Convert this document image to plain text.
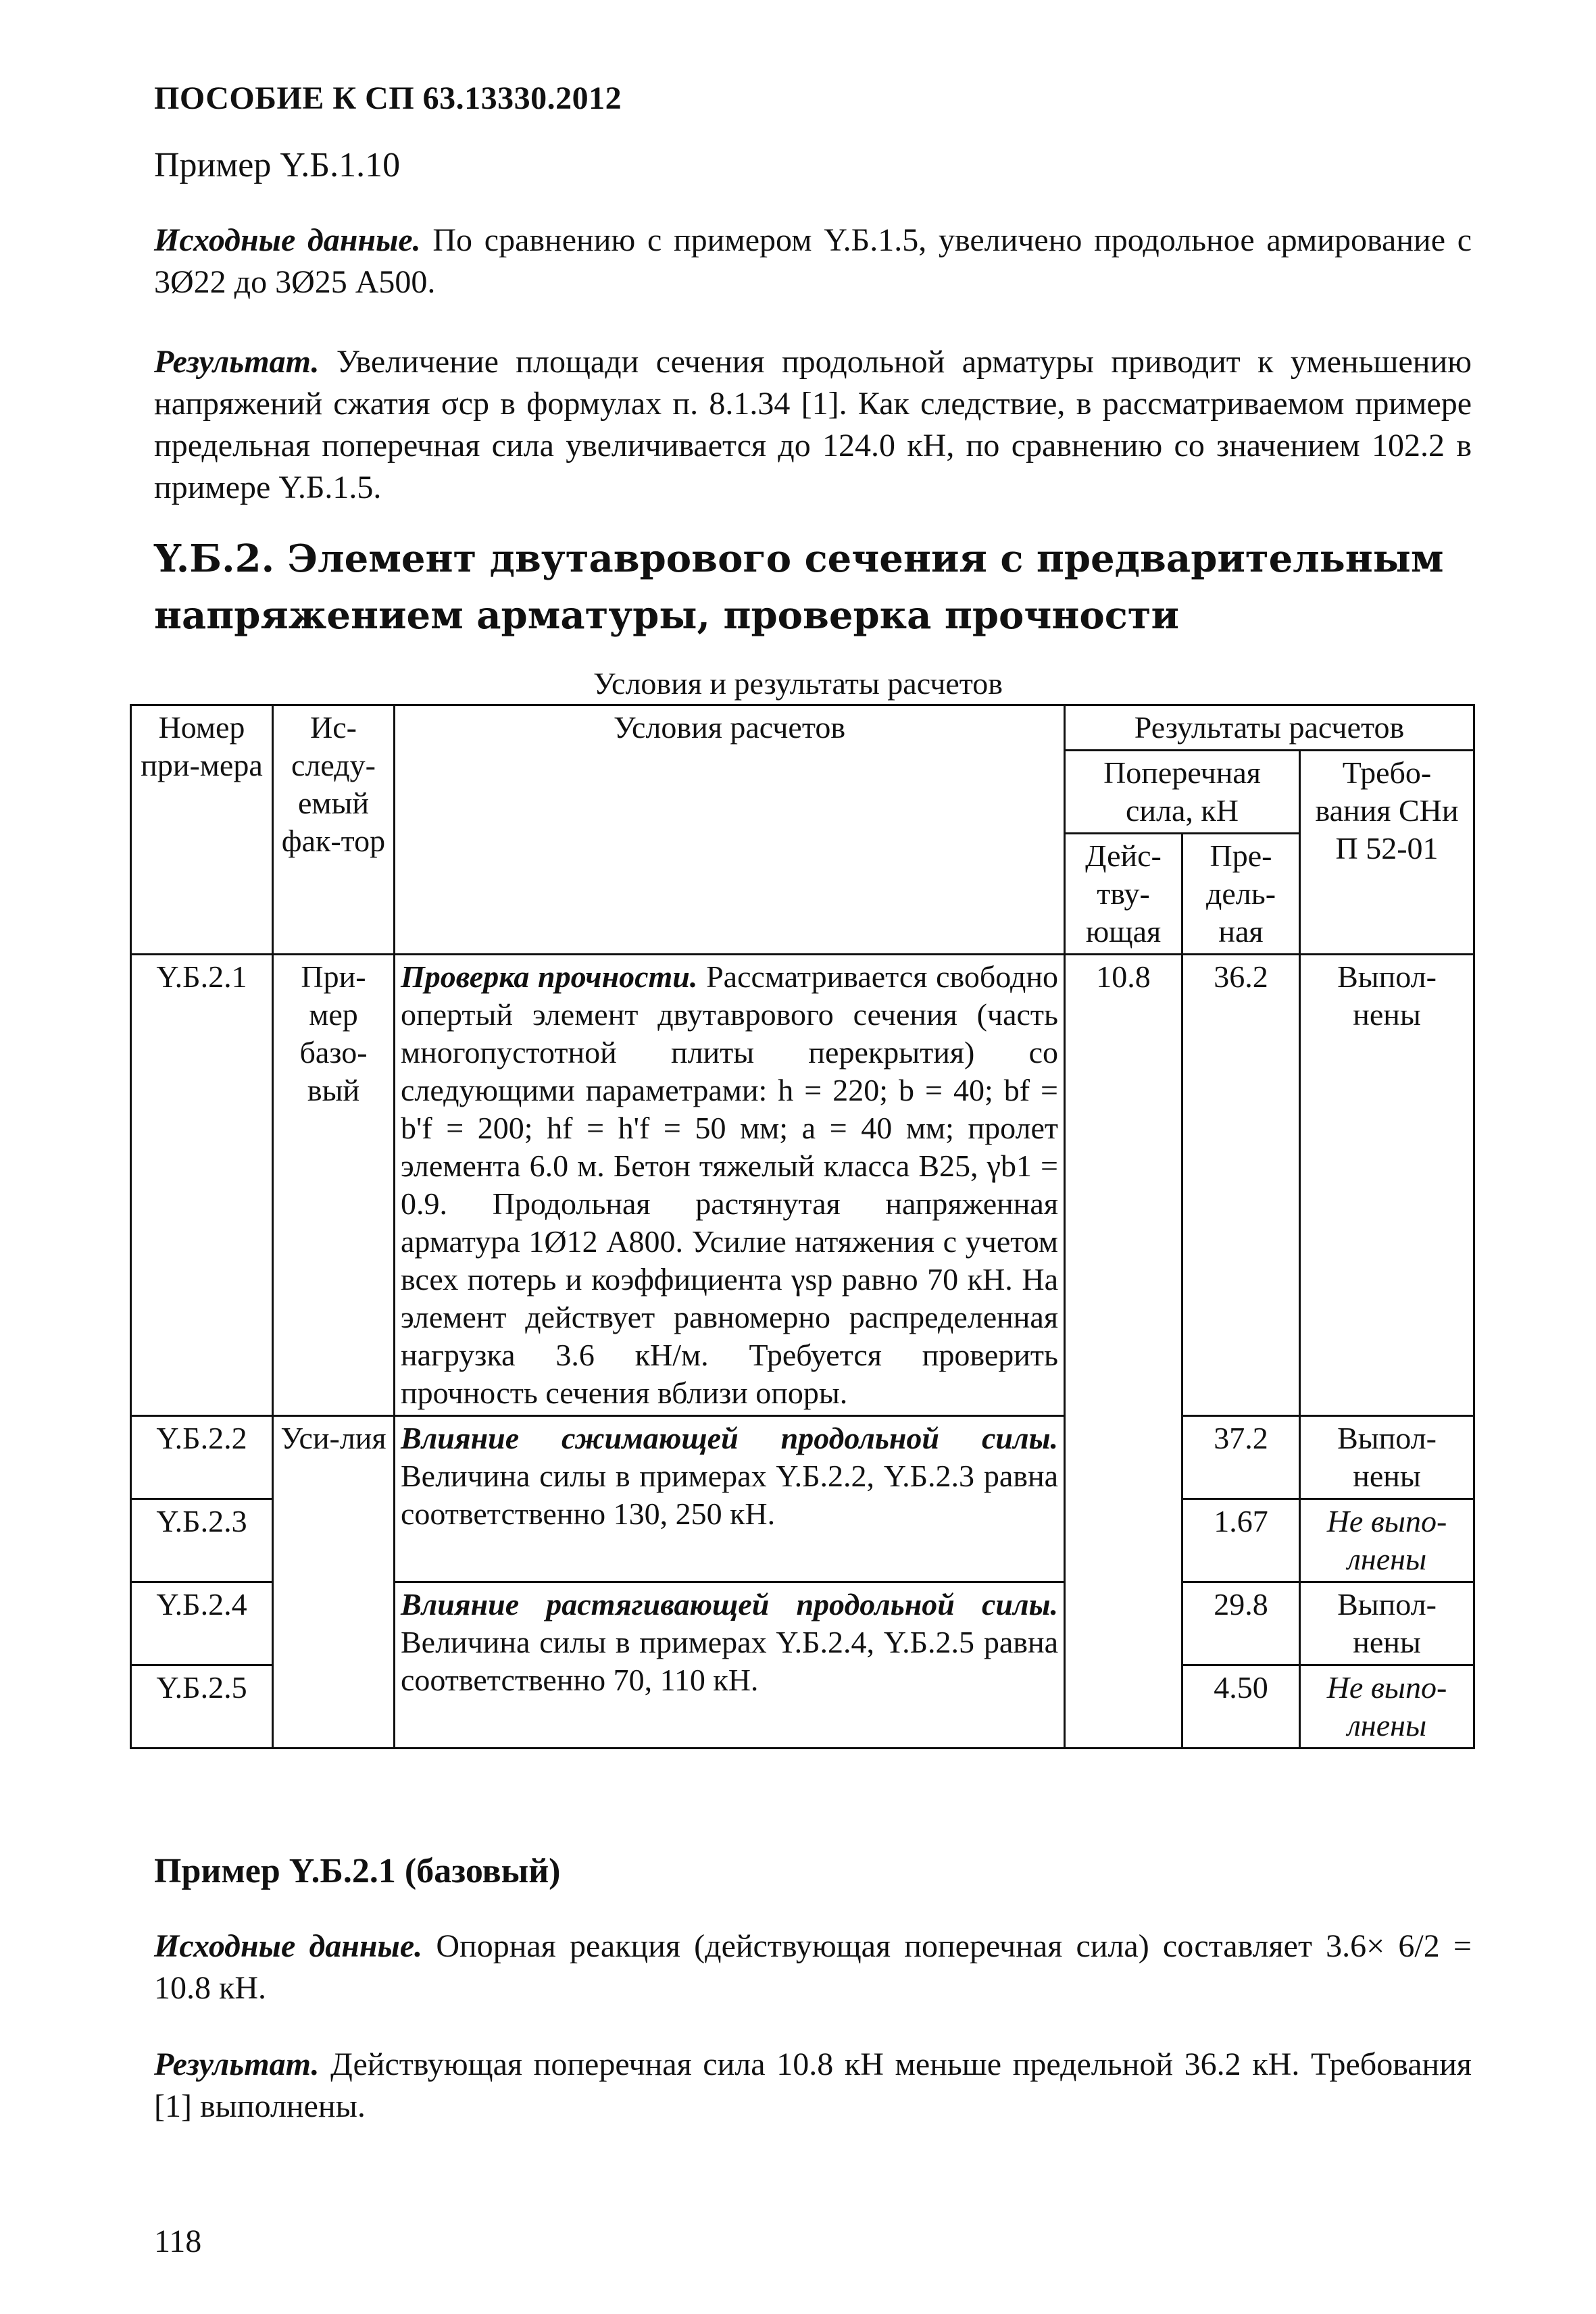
ПОСОБИЕ К СП 63.13330.2012
Пример Y.Б.1.10
Исходные данные. По сравнению с примером Y.Б.1.5, увеличено продольное армирование с 3Ø22 до 3Ø25 А500.
Результат. Увеличение площади сечения продольной арматуры приводит к уменьшению напряжений сжатия σcp в формулах п. 8.1.34 [1]. Как следствие, в рассматриваемом примере предельная поперечная сила увеличивается до 124.0 кН, по сравнению со значением 102.2 в примере Y.Б.1.5.
Y.Б.2. Элемент двутаврового сечения с предварительным напряжением арматуры, проверка прочности
Условия и результаты расчетов
Номер при-мера	Ис-следу-емый фак-тор	Условия расчетов	Результаты расчетов		
			Поперечная сила, кН		Требо-вания СНи П 52-01
			Дейс-тву-ющая	Пре-дель-ная	
Y.Б.2.1	При-мер базо-вый	Проверка прочности. Рассматривается свободно опертый элемент двутаврового сечения (часть многопустотной плиты перекрытия) со следующими параметрами: h = 220; b = 40; bf = b'f = 200; hf = h'f = 50 мм; a = 40 мм; пролет элемента 6.0 м. Бетон тяжелый класса В25, γb1 = 0.9. Продольная растянутая напряженная арматура 1Ø12 А800. Усилие натяжения с учетом всех потерь и коэффициента γsp равно 70 кН. На элемент действует равномерно распределенная нагрузка 3.6 кН/м. Требуется проверить прочность сечения вблизи опоры.	10.8	36.2	Выпол-нены
Y.Б.2.2	Уси-лия	Влияние сжимающей продольной силы. Величина силы в примерах Y.Б.2.2, Y.Б.2.3 равна соответственно 130, 250 кН.		37.2	Выпол-нены
Y.Б.2.3				1.67	Не выпо-лнены
Y.Б.2.4		Влияние растягивающей продольной силы. Величина силы в примерах Y.Б.2.4, Y.Б.2.5 равна соответственно 70, 110 кН.		29.8	Выпол-нены
Y.Б.2.5				4.50	Не выпо-лнены
Пример Y.Б.2.1 (базовый)
Исходные данные. Опорная реакция (действующая поперечная сила) составляет 3.6× 6/2 = 10.8 кН.
Результат. Действующая поперечная сила 10.8 кН меньше предельной 36.2 кН. Требования [1] выполнены.
118
